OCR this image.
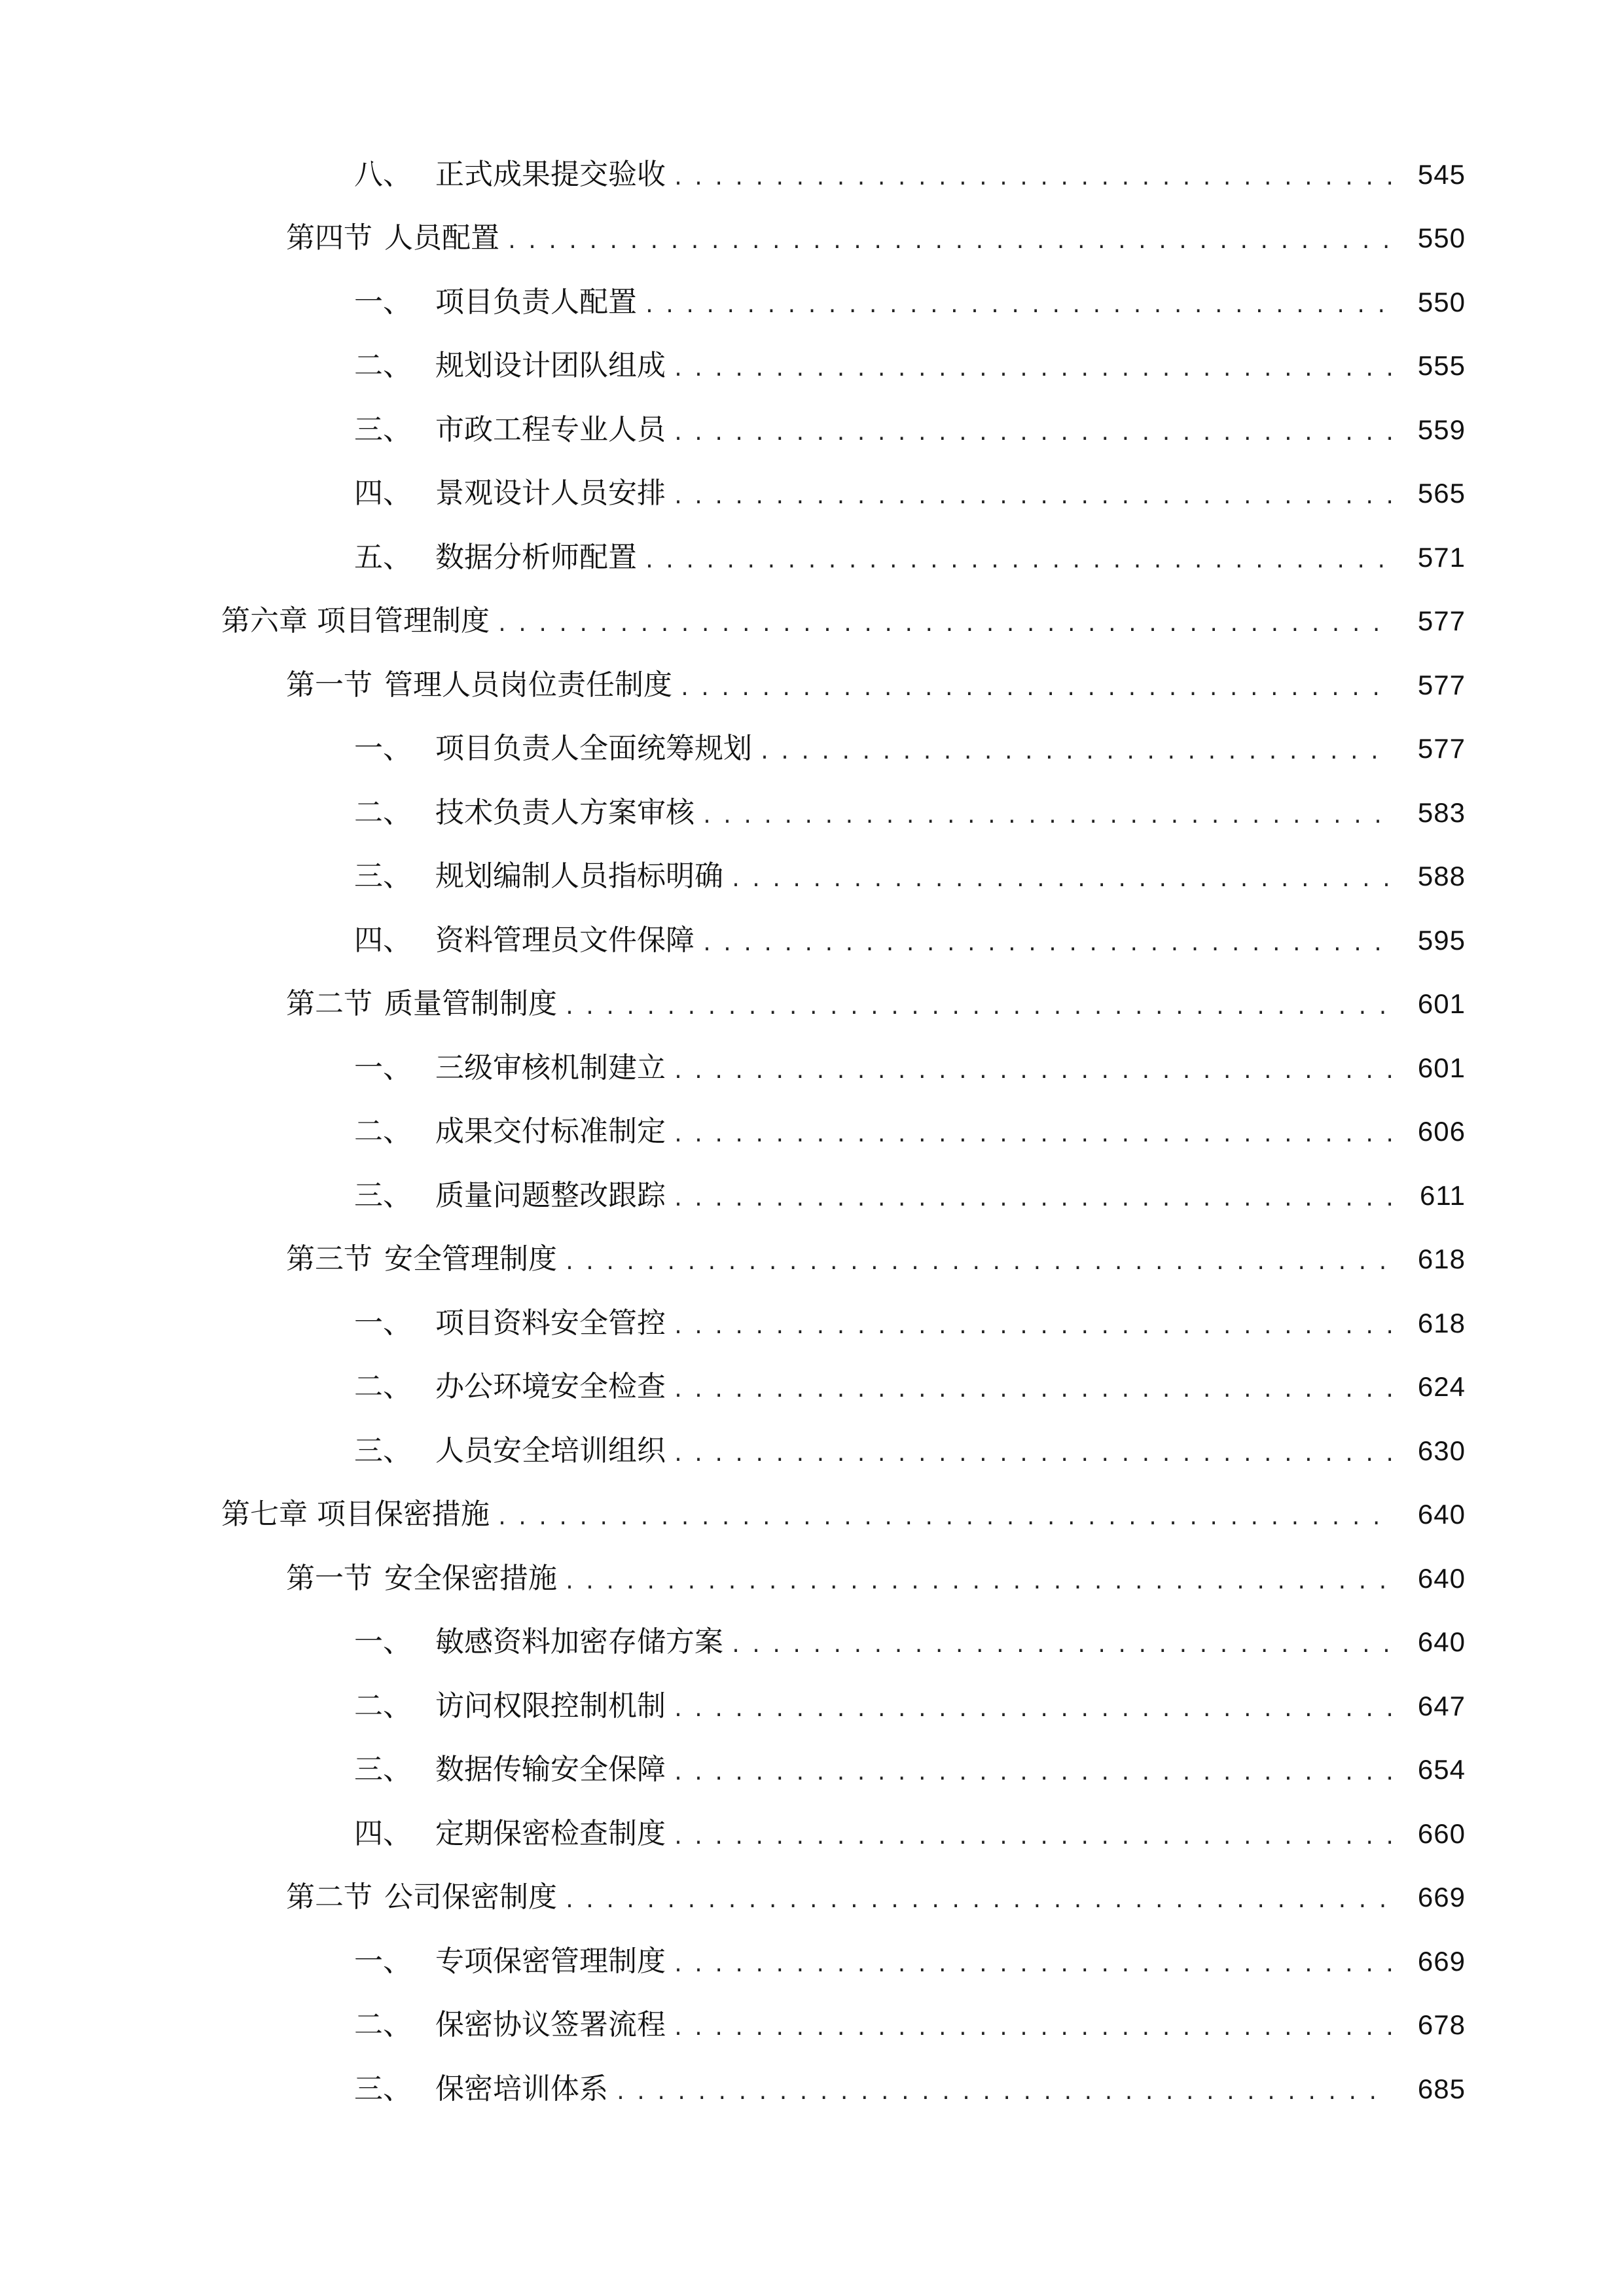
八、 正式成果提交验收 .....	545
第四节 人员配置 .....	550
一、 项目负责人配置 .....	550
二、 规划设计团队组成 .....	555
三、 市政工程专业人员 .....	559
四、 景观设计人员安排 .....	565
五、 数据分析师配置 .....	571
第六章 项目管理制度 .....	577
第一节 管理人员岗位责任制度 .....	577
一、 项目负责人全面统筹规划 .....	577
二、 技术负责人方案审核 .....	583
三、 规划编制人员指标明确 .....	588
四、 资料管理员文件保障 .....	595
第二节 质量管制制度 .....	601
一、 三级审核机制建立 .....	601
二、 成果交付标准制定 .....	606
三、 质量问题整改跟踪 .....	611
第三节 安全管理制度 .....	618
一、 项目资料安全管控 .....	618
二、 办公环境安全检查 .....	624
三、 人员安全培训组织 .....	630
第七章 项目保密措施 .....	640
第一节 安全保密措施 .....	640
一、 敏感资料加密存储方案 .....	640
二、 访问权限控制机制 .....	647
三、 数据传输安全保障 .....	654
四、 定期保密检查制度 .....	660
第二节 公司保密制度 .....	669
一、 专项保密管理制度 .....	669
二、 保密协议签署流程 .....	678
三、 保密培训体系 .....	685
